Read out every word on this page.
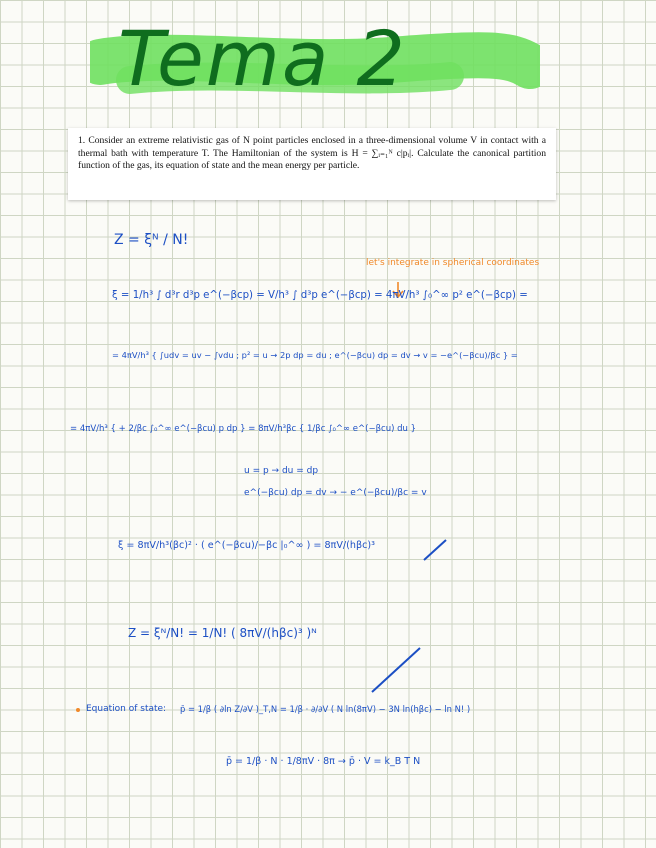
Tema 2
1. Consider an extreme relativistic gas of N point particles enclosed in a three-dimensional volume V in contact with a thermal bath with temperature T. The Hamiltonian of the system is H = ∑ᵢ₌₁ᴺ c|pᵢ|. Calculate the canonical partition function of the gas, its equation of state and the mean energy per particle.
Z = ξᴺ / N!
let's integrate in spherical coordinates
ξ = 1/h³ ∫ d³r d³p e^(−βcp) = V/h³ ∫ d³p e^(−βcp) = 4πV/h³ ∫₀^∞ p² e^(−βcp) =
= 4πV/h³ { ∫udv = uv − ∫vdu ; p² = u → 2p dp = du ; e^(−βcu) dp = dv → v = −e^(−βcu)/βc } =
= 4πV/h³ { + 2/βc ∫₀^∞ e^(−βcu) p dp } = 8πV/h³βc { 1/βc ∫₀^∞ e^(−βcu) du }
u = p → du = dp
e^(−βcu) dp = dv → − e^(−βcu)/βc = v
ξ = 8πV/h³(βc)² · ( e^(−βcu)/−βc |₀^∞ ) = 8πV/(hβc)³
Z = ξᴺ/N! = 1/N! ( 8πV/(hβc)³ )ᴺ
Equation of state: p̄ = 1/β ( ∂ln Z/∂V )_T,N = 1/β · ∂/∂V ( N ln(8πV) − 3N ln(hβc) − ln N! )
p̄ = 1/β · N · 1/8πV · 8π → p̄ · V = k_B T N
